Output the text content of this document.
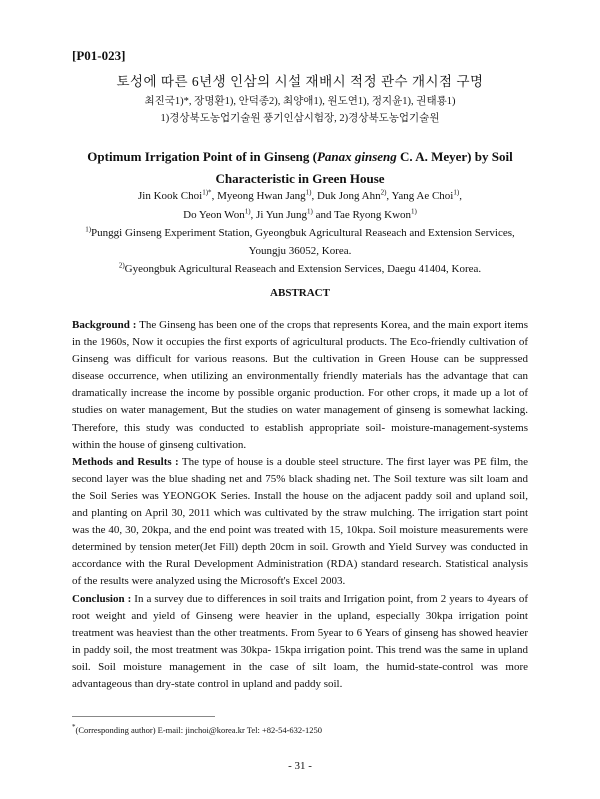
[P01-023]
토성에 따른 6년생 인삼의 시설 재배시 적정 관수 개시점 구명
최진국1)*, 장명환1), 안덕종2), 최양애1), 원도연1), 정지윤1), 권태룡1)
1)경상북도농업기술원 풍기인삼시험장, 2)경상북도농업기술원
Optimum Irrigation Point of in Ginseng (Panax ginseng C. A. Meyer) by Soil Characteristic in Green House
Jin Kook Choi$^{1)*}$, Myeong Hwan Jang$^{1)}$, Duk Jong Ahn$^{2)}$, Yang Ae Choi$^{1)}$,
Do Yeon Won$^{1)}$, Ji Yun Jung$^{1)}$ and Tae Ryong Kwon$^{1)}$
$^{1)}$Punggi Ginseng Experiment Station, Gyeongbuk Agricultural Reaseach and Extension Services, Youngju 36052, Korea.
$^{2)}$Gyeongbuk Agricultural Reaseach and Extension Services, Daegu 41404, Korea.
ABSTRACT

Background : The Ginseng has been one of the crops that represents Korea, and the main export items in the 1960s, Now it occupies the first exports of agricultural products. The Eco-friendly cultivation of Ginseng was difficult for various reasons. But the cultivation in Green House can be suppressed disease occurrence, when utilizing an environmentally friendly materials has the advantage that can dramatically increase the income by possible organic production. For other crops, it made up a lot of studies on water management, But the studies on water management of ginseng is somewhat lacking. Therefore, this study was conducted to establish appropriate soil- moisture-management-systems within the house of ginseng cultivation.

Methods and Results : The type of house is a double steel structure. The first layer was PE film, the second layer was the blue shading net and 75% black shading net. The Soil texture was silt loam and the Soil Series was YEONGOK Series. Install the house on the adjacent paddy soil and upland soil, and planting on April 30, 2011 which was cultivated by the straw mulching. The irrigation start point was the 40, 30, 20kpa, and the end point was treated with 15, 10kpa. Soil moisture measurements were determined by tension meter(Jet Fill) depth 20cm in soil. Growth and Yield Survey was conducted in accordance with the Rural Development Administration (RDA) standard research. Statistical analysis of the results were analyzed using the Microsoft's Excel 2003.

Conclusion : In a survey due to differences in soil traits and Irrigation point, from 2 years to 4years of root weight and yield of Ginseng were heavier in the upland, especially 30kpa irrigation point treatment was heaviest than the other treatments. From 5year to 6 Years of ginseng has showed heavier in paddy soil, the most treatment was 30kpa- 15kpa irrigation point. This trend was the same in upland soil. Soil moisture management in the case of silt loam, the humid-state-control was more advantageous than dry-state control in upland and paddy soil.

*(Corresponding author) E-mail: jinchoi@korea.kr Tel: +82-54-632-1250
- 31 -
